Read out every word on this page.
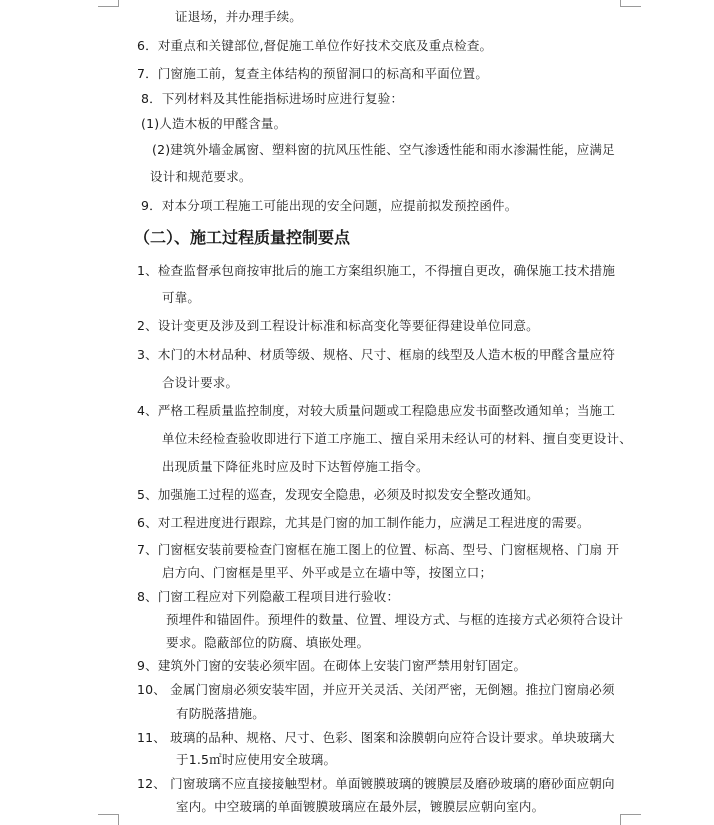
证退场，并办理手续。
6．对重点和关键部位,督促施工单位作好技术交底及重点检查。
7．门窗施工前，复查主体结构的预留洞口的标高和平面位置。
8．下列材料及其性能指标进场时应进行复验：
(1)人造木板的甲醛含量。
(2)建筑外墙金属窗、塑料窗的抗风压性能、空气渗透性能和雨水渗漏性能，应满足
设计和规范要求。
9．对本分项工程施工可能出现的安全问题，应提前拟发预控函件。
（二）、施工过程质量控制要点
1、检查监督承包商按审批后的施工方案组织施工，不得擅自更改，确保施工技术措施
可靠。
2、设计变更及涉及到工程设计标准和标高变化等要征得建设单位同意。
3、木门的木材品种、材质等级、规格、尺寸、框扇的线型及人造木板的甲醛含量应符
合设计要求。
4、严格工程质量监控制度，对较大质量问题或工程隐患应发书面整改通知单；当施工
单位未经检查验收即进行下道工序施工、擅自采用未经认可的材料、擅自变更设计、
出现质量下降征兆时应及时下达暂停施工指令。
5、加强施工过程的巡查，发现安全隐患，必须及时拟发安全整改通知。
6、对工程进度进行跟踪，尤其是门窗的加工制作能力，应满足工程进度的需要。
7、门窗框安装前要检查门窗框在施工图上的位置、标高、型号、门窗框规格、门扇 开
启方向、门窗框是里平、外平或是立在墙中等，按图立口；
8、门窗工程应对下列隐蔽工程项目进行验收：
预埋件和锚固件。预埋件的数量、位置、埋设方式、与框的连接方式必须符合设计
要求。隐蔽部位的防腐、填嵌处理。
9、建筑外门窗的安装必须牢固。在砌体上安装门窗严禁用射钉固定。
10、 金属门窗扇必须安装牢固，并应开关灵活、关闭严密，无倒翘。推拉门窗扇必须
有防脱落措施。
11、 玻璃的品种、规格、尺寸、色彩、图案和涂膜朝向应符合设计要求。单块玻璃大
于1.5㎡时应使用安全玻璃。
12、 门窗玻璃不应直接接触型材。单面镀膜玻璃的镀膜层及磨砂玻璃的磨砂面应朝向
室内。中空玻璃的单面镀膜玻璃应在最外层，镀膜层应朝向室内。
